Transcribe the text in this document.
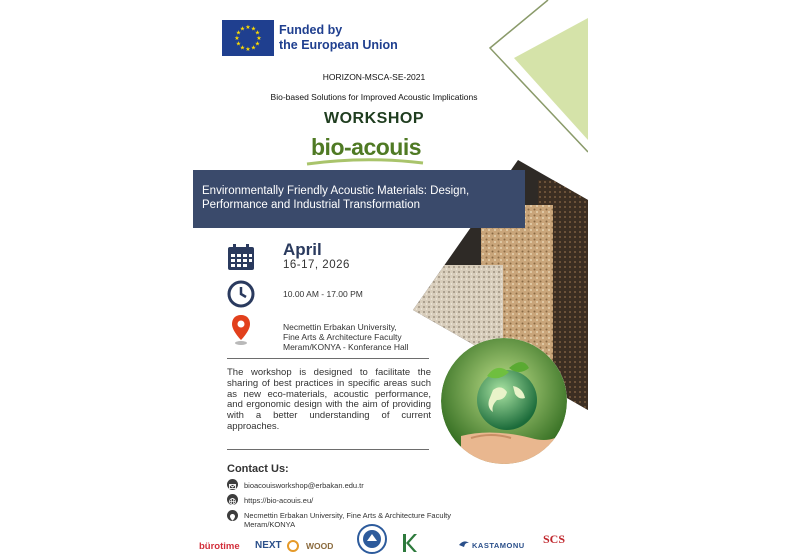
★ ★
★
★
★
★
★
★
★
★
★
★	Funded by
the European Union
HORIZON-MSCA-SE-2021
Bio-based Solutions for Improved Acoustic Implications
WORKSHOP
bio-acouis
Environmentally Friendly Acoustic Materials: Design,
Performance and Industrial Transformation
April
16-17, 2026
10.00 AM - 17.00 PM
Necmettin Erbakan University,
Fine Arts & Architecture Faculty
Meram/KONYA - Konferance Hall
The workshop is designed to facilitate the sharing of best practices in specific areas such as new eco-materials, acoustic performance, and ergonomic design with the aim of providing with a better understanding of current approaches.
Contact Us:
bioacouisworkshop@erbakan.edu.tr
https://bio-acouis.eu/
Necmettin Erbakan University, Fine Arts & Architecture Faculty
Meram/KONYA
bürotime NEXT	WOOD	KASTAMONU SCS
